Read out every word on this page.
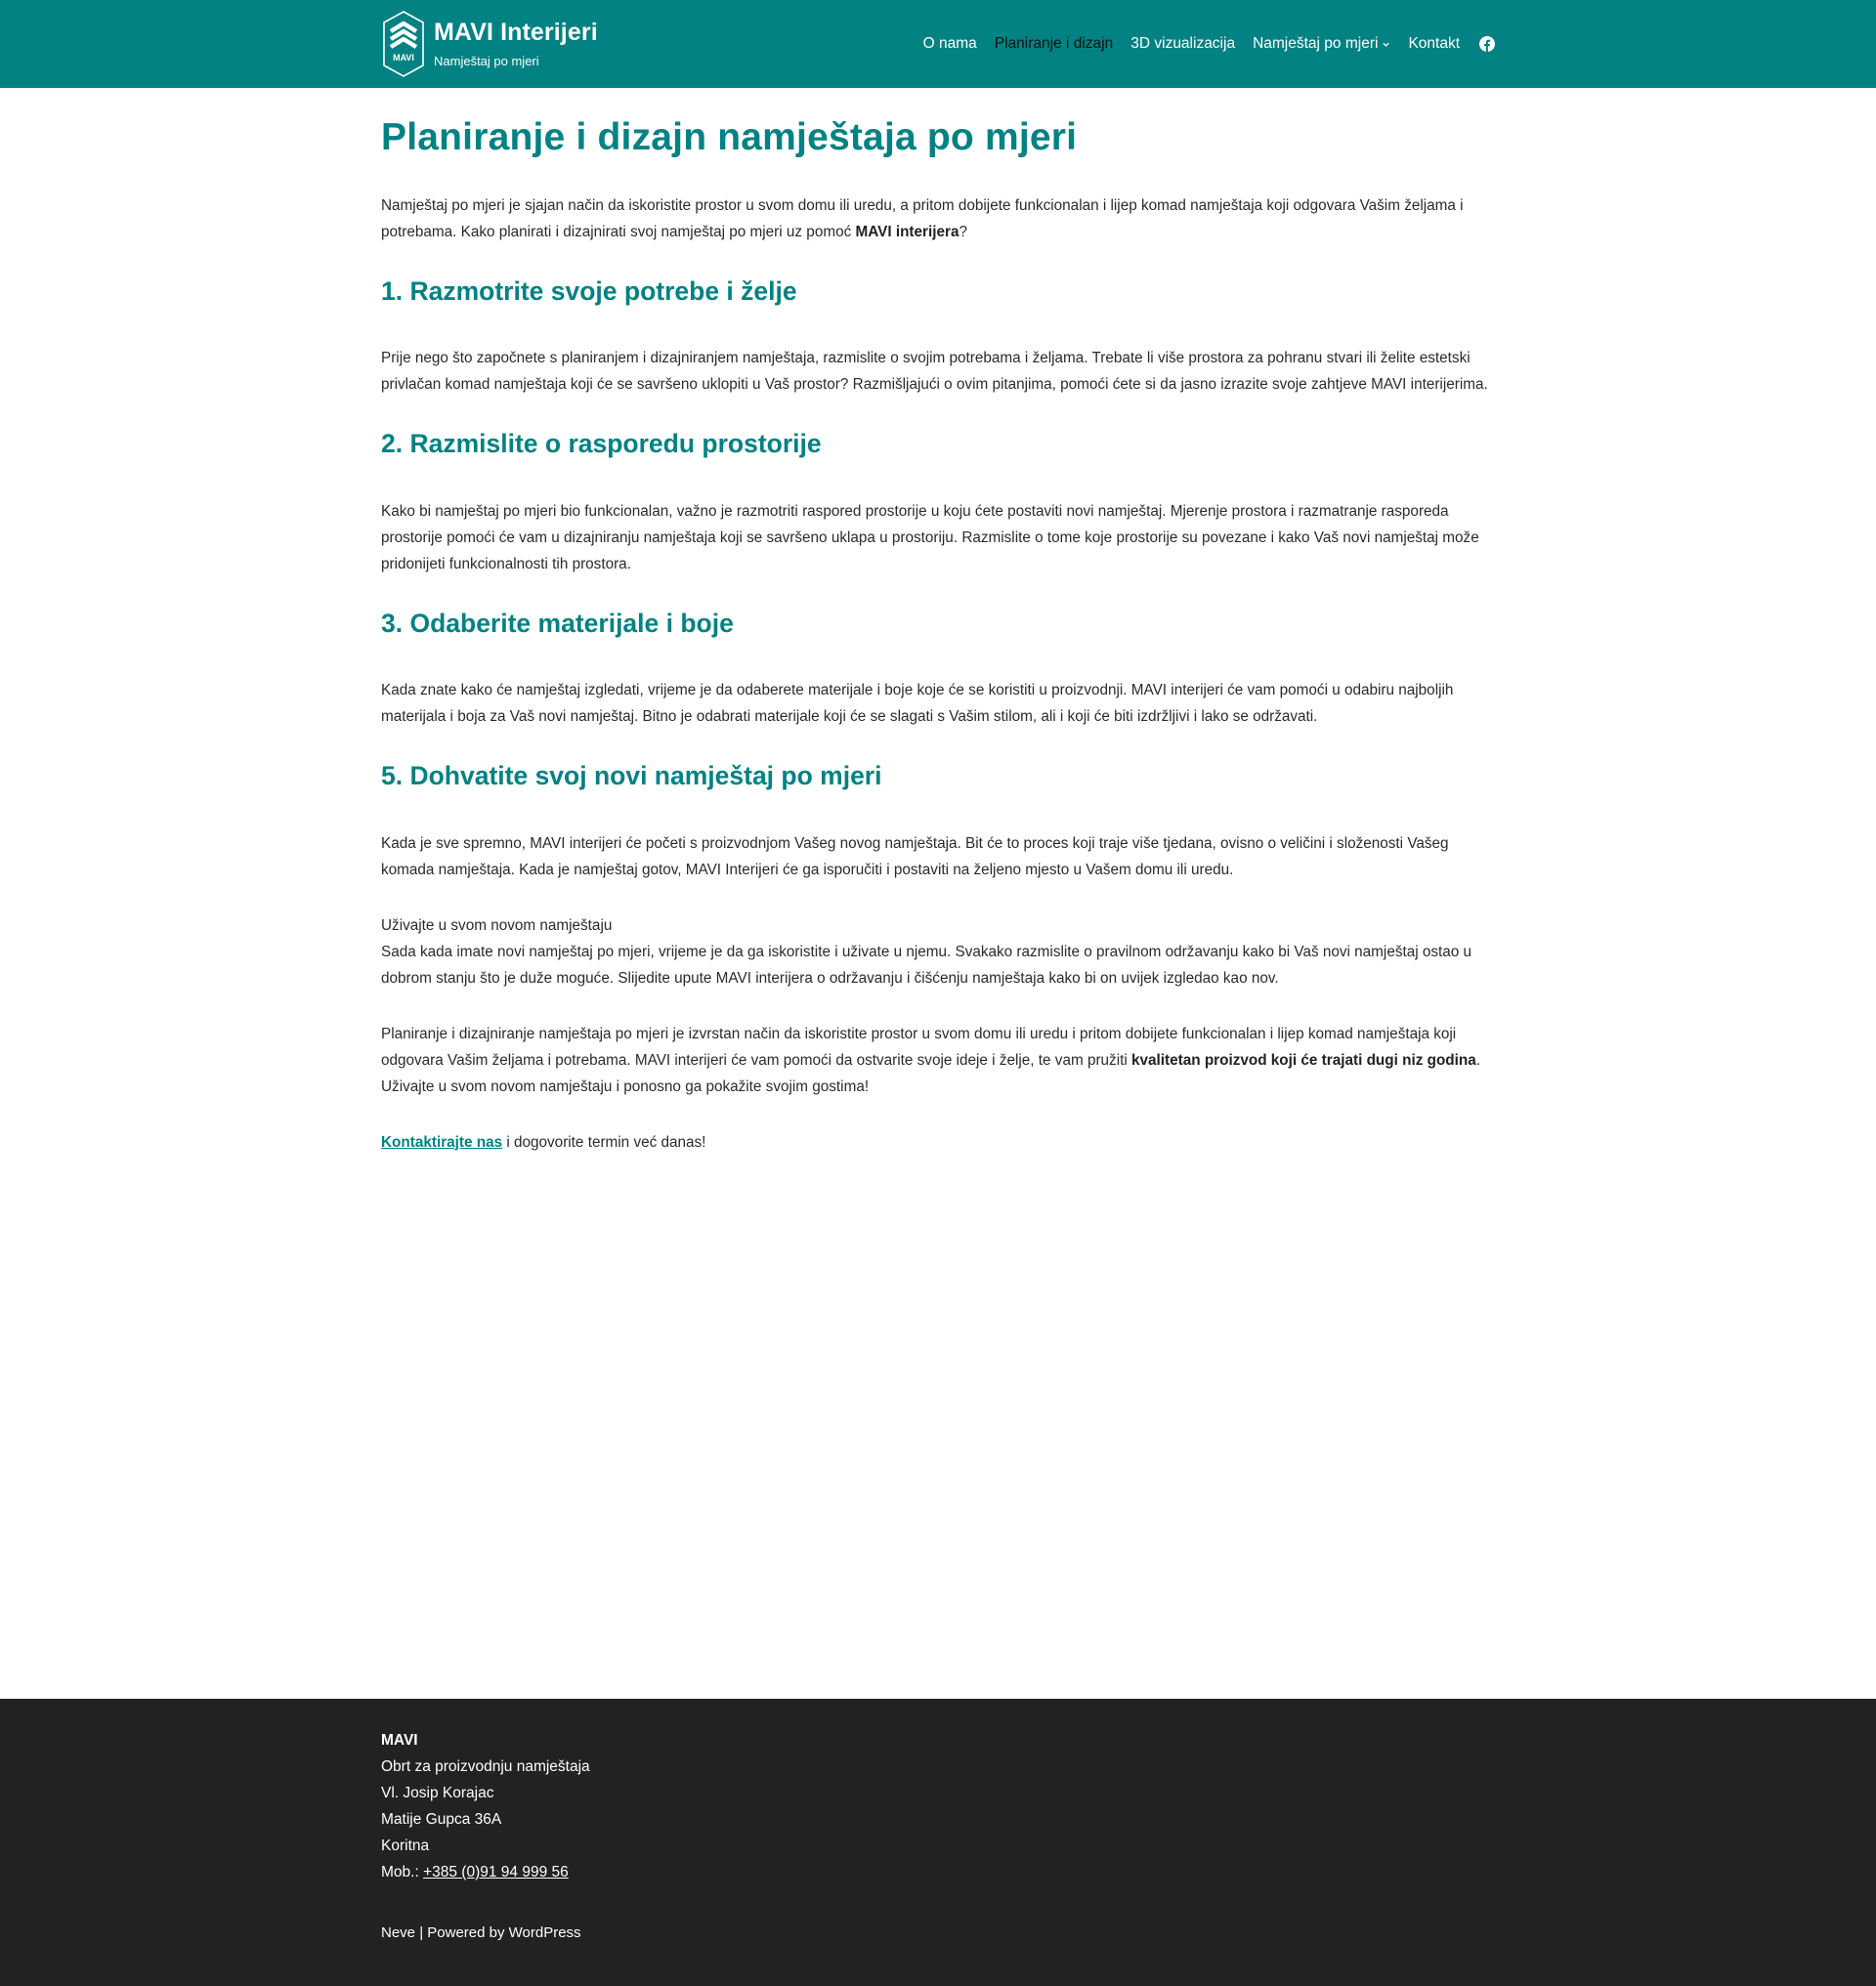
MAVI
MAVI Interijeri
Namještaj po mjeri
O nama Planiranje i dizajn 3D vizualizacija Namještaj po mjeri Kontakt
Planiranje i dizajn namještaja po mjeri

Namještaj po mjeri je sjajan način da iskoristite prostor u svom domu ili uredu, a pritom dobijete funkcionalan i lijep komad namještaja koji odgovara Vašim željama i potrebama. Kako planirati i dizajnirati svoj namještaj po mjeri uz pomoć MAVI interijera?

1. Razmotrite svoje potrebe i želje

Prije nego što započnete s planiranjem i dizajniranjem namještaja, razmislite o svojim potrebama i željama. Trebate li više prostora za pohranu stvari ili želite estetski privlačan komad namještaja koji će se savršeno uklopiti u Vaš prostor? Razmišljajući o ovim pitanjima, pomoći ćete si da jasno izrazite svoje zahtjeve MAVI interijerima.

2. Razmislite o rasporedu prostorije

Kako bi namještaj po mjeri bio funkcionalan, važno je razmotriti raspored prostorije u koju ćete postaviti novi namještaj. Mjerenje prostora i razmatranje rasporeda prostorije pomoći će vam u dizajniranju namještaja koji se savršeno uklapa u prostoriju. Razmislite o tome koje prostorije su povezane i kako Vaš novi namještaj može pridonijeti funkcionalnosti tih prostora.

3. Odaberite materijale i boje

Kada znate kako će namještaj izgledati, vrijeme je da odaberete materijale i boje koje će se koristiti u proizvodnji. MAVI interijeri će vam pomoći u odabiru najboljih materijala i boja za Vaš novi namještaj. Bitno je odabrati materijale koji će se slagati s Vašim stilom, ali i koji će biti izdržljivi i lako se održavati.

5. Dohvatite svoj novi namještaj po mjeri

Kada je sve spremno, MAVI interijeri će početi s proizvodnjom Vašeg novog namještaja. Bit će to proces koji traje više tjedana, ovisno o veličini i složenosti Vašeg komada namještaja. Kada je namještaj gotov, MAVI Interijeri će ga isporučiti i postaviti na željeno mjesto u Vašem domu ili uredu.

Uživajte u svom novom namještaju
Sada kada imate novi namještaj po mjeri, vrijeme je da ga iskoristite i uživate u njemu. Svakako razmislite o pravilnom održavanju kako bi Vaš novi namještaj ostao u dobrom stanju što je duže moguće. Slijedite upute MAVI interijera o održavanju i čišćenju namještaja kako bi on uvijek izgledao kao nov.

Planiranje i dizajniranje namještaja po mjeri je izvrstan način da iskoristite prostor u svom domu ili uredu i pritom dobijete funkcionalan i lijep komad namještaja koji odgovara Vašim željama i potrebama. MAVI interijeri će vam pomoći da ostvarite svoje ideje i želje, te vam pružiti kvalitetan proizvod koji će trajati dugi niz godina. Uživajte u svom novom namještaju i ponosno ga pokažite svojim gostima!

Kontaktirajte nas i dogovorite termin već danas!

MAVI
Obrt za proizvodnju namještaja
Vl. Josip Korajac
Matije Gupca 36A
Koritna
Mob.: +385 (0)91 94 999 56
Neve | Powered by WordPress
